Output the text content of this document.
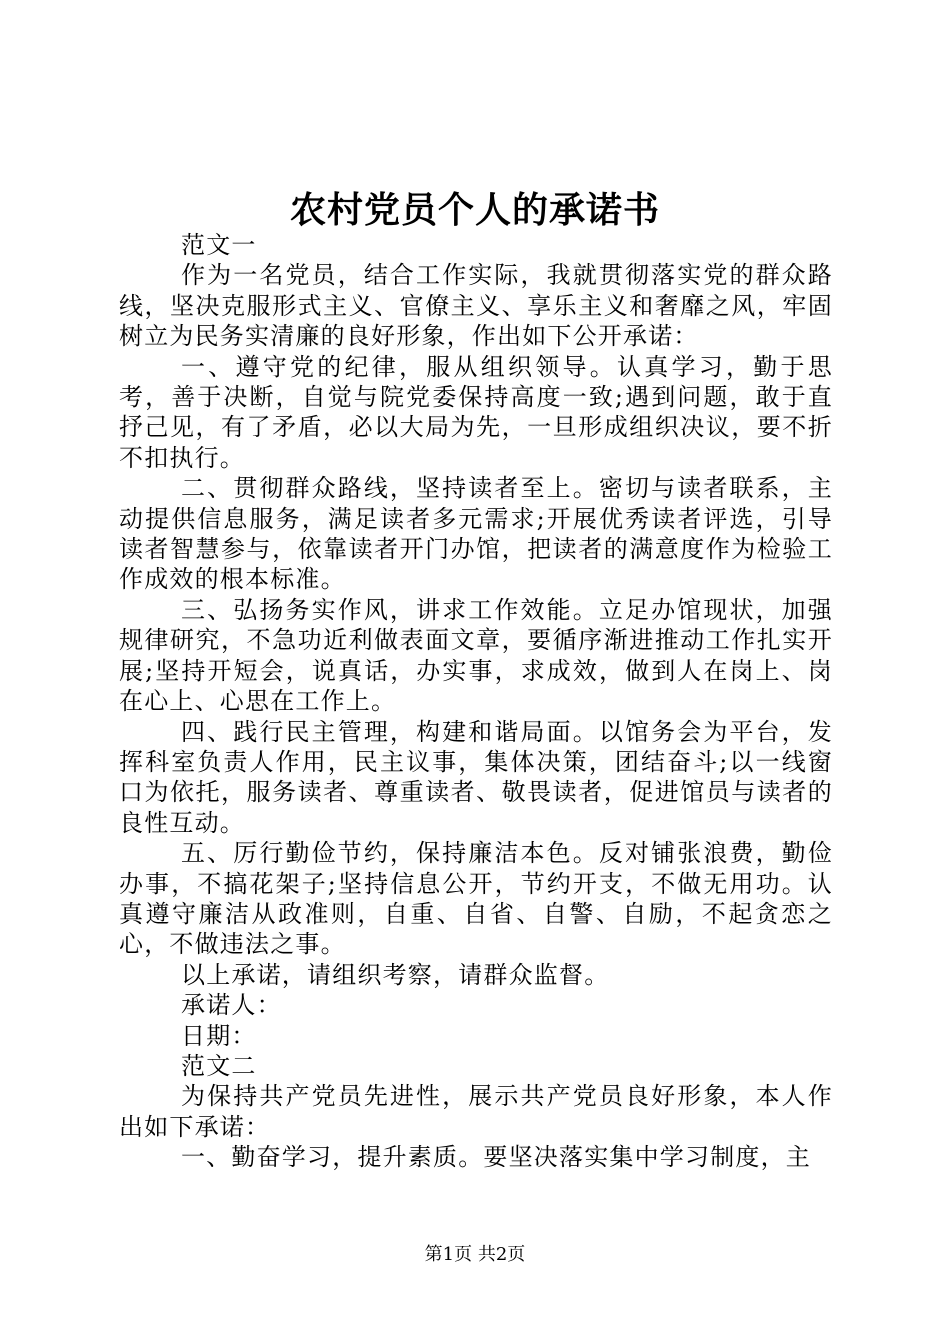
农村党员个人的承诺书

范文一

作为一名党员，结合工作实际，我就贯彻落实党的群众路线，坚决克服形式主义、官僚主义、享乐主义和奢靡之风，牢固树立为民务实清廉的良好形象，作出如下公开承诺：

一、遵守党的纪律，服从组织领导。认真学习，勤于思考，善于决断，自觉与院党委保持高度一致;遇到问题，敢于直抒己见，有了矛盾，必以大局为先，一旦形成组织决议，要不折不扣执行。

二、贯彻群众路线，坚持读者至上。密切与读者联系，主动提供信息服务，满足读者多元需求;开展优秀读者评选，引导读者智慧参与，依靠读者开门办馆，把读者的满意度作为检验工作成效的根本标准。

三、弘扬务实作风，讲求工作效能。立足办馆现状，加强规律研究，不急功近利做表面文章，要循序渐进推动工作扎实开展;坚持开短会，说真话，办实事，求成效，做到人在岗上、岗在心上、心思在工作上。

四、践行民主管理，构建和谐局面。以馆务会为平台，发挥科室负责人作用，民主议事，集体决策，团结奋斗;以一线窗口为依托，服务读者、尊重读者、敬畏读者，促进馆员与读者的良性互动。

五、厉行勤俭节约，保持廉洁本色。反对铺张浪费，勤俭办事，不搞花架子;坚持信息公开，节约开支，不做无用功。认真遵守廉洁从政准则，自重、自省、自警、自励，不起贪恋之心，不做违法之事。

以上承诺，请组织考察，请群众监督。

承诺人：

日期：

范文二

为保持共产党员先进性，展示共产党员良好形象，本人作出如下承诺：

一、勤奋学习，提升素质。要坚决落实集中学习制度，主

第1页 共2页
